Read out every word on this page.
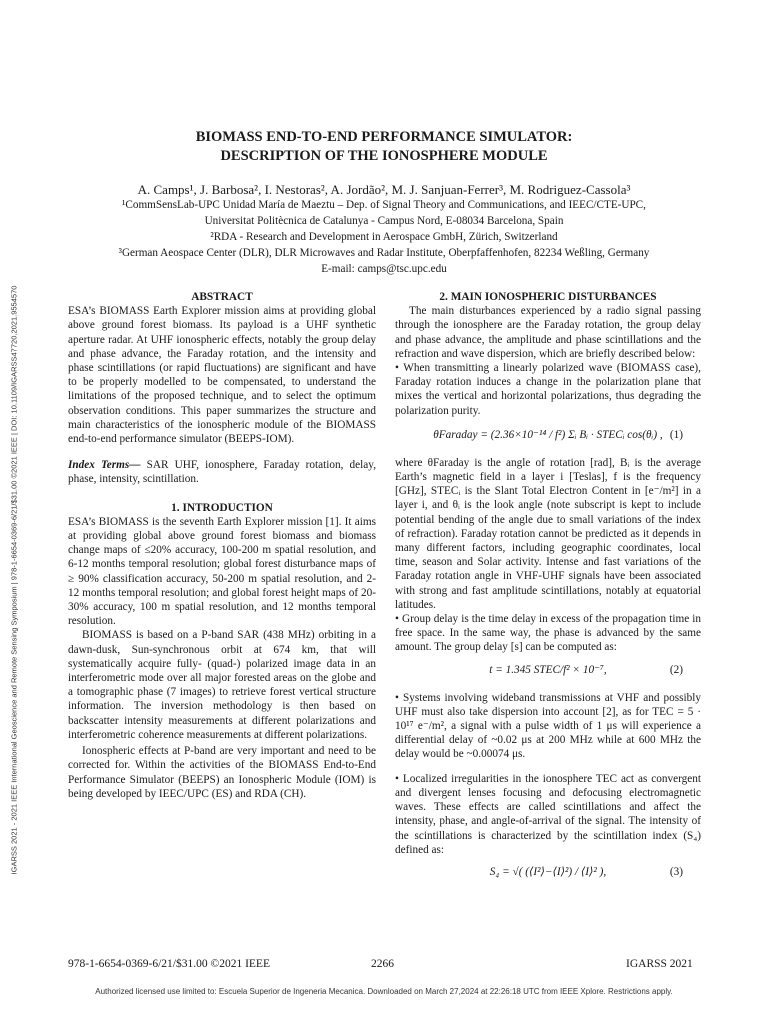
IGARSS 2021 - 2021 IEEE International Geoscience and Remote Sensing Symposium | 978-1-6654-0369-6/21/$31.00 ©2021 IEEE | DOI: 10.1109/IGARSS47720.2021.9554570
BIOMASS END-TO-END PERFORMANCE SIMULATOR:
DESCRIPTION OF THE IONOSPHERE MODULE
A. Camps¹, J. Barbosa², I. Nestoras², A. Jordão², M. J. Sanjuan-Ferrer³, M. Rodriguez-Cassola³
¹CommSensLab-UPC Unidad María de Maeztu – Dep. of Signal Theory and Communications, and IEEC/CTE-UPC,
Universitat Politècnica de Catalunya - Campus Nord, E-08034 Barcelona, Spain
²RDA - Research and Development in Aerospace GmbH, Zürich, Switzerland
³German Aeospace Center (DLR), DLR Microwaves and Radar Institute, Oberpfaffenhofen, 82234 Weßling, Germany
E-mail: camps@tsc.upc.edu

ABSTRACT

ESA’s BIOMASS Earth Explorer mission aims at providing global above ground forest biomass. Its payload is a UHF synthetic aperture radar. At UHF ionospheric effects, notably the group delay and phase advance, the Faraday rotation, and the intensity and phase scintillations (or rapid fluctuations) are significant and have to be properly modelled to be compensated, to understand the limitations of the proposed technique, and to select the optimum observation conditions. This paper summarizes the structure and main characteristics of the ionospheric module of the BIOMASS end-to-end performance simulator (BEEPS-IOM).

Index Terms— SAR UHF, ionosphere, Faraday rotation, delay, phase, intensity, scintillation.

1. INTRODUCTION

ESA’s BIOMASS is the seventh Earth Explorer mission [1]. It aims at providing global above ground forest biomass and biomass change maps of ≤20% accuracy, 100-200 m spatial resolution, and 6-12 months temporal resolution; global forest disturbance maps of ≥ 90% classification accuracy, 50-200 m spatial resolution, and 2-12 months temporal resolution; and global forest height maps of 20-30% accuracy, 100 m spatial resolution, and 12 months temporal resolution.

BIOMASS is based on a P-band SAR (438 MHz) orbiting in a dawn-dusk, Sun-synchronous orbit at 674 km, that will systematically acquire fully- (quad-) polarized image data in an interferometric mode over all major forested areas on the globe and a tomographic phase (7 images) to retrieve forest vertical structure information. The inversion methodology is then based on backscatter intensity measurements at different polarizations and interferometric coherence measurements at different polarizations.

Ionospheric effects at P-band are very important and need to be corrected for. Within the activities of the BIOMASS End-to-End Performance Simulator (BEEPS) an Ionospheric Module (IOM) is being developed by IEEC/UPC (ES) and RDA (CH).

2. MAIN IONOSPHERIC DISTURBANCES

The main disturbances experienced by a radio signal passing through the ionosphere are the Faraday rotation, the group delay and phase advance, the amplitude and phase scintillations and the refraction and wave dispersion, which are briefly described below:

• When transmitting a linearly polarized wave (BIOMASS case), Faraday rotation induces a change in the polarization plane that mixes the vertical and horizontal polarizations, thus degrading the polarization purity.

θFaraday = (2.36×10⁻¹⁴ / f²) Σᵢ Bᵢ · STECᵢ cos(θᵢ) , (1)

where θFaraday is the angle of rotation [rad], Bᵢ is the average Earth’s magnetic field in a layer i [Teslas], f is the frequency [GHz], STECᵢ is the Slant Total Electron Content in [e⁻/m²] in a layer i, and θᵢ is the look angle (note subscript is kept to include potential bending of the angle due to small variations of the index of refraction). Faraday rotation cannot be predicted as it depends in many different factors, including geographic coordinates, local time, season and Solar activity. Intense and fast variations of the Faraday rotation angle in VHF-UHF signals have been associated with strong and fast amplitude scintillations, notably at equatorial latitudes.

• Group delay is the time delay in excess of the propagation time in free space. In the same way, the phase is advanced by the same amount. The group delay [s] can be computed as:

t = 1.345 STEC/f² × 10⁻⁷,	(2)

• Systems involving wideband transmissions at VHF and possibly UHF must also take dispersion into account [2], as for TEC = 5 · 10¹⁷ e⁻/m², a signal with a pulse width of 1 μs will experience a differential delay of ~0.02 μs at 200 MHz while at 600 MHz the delay would be ~0.00074 μs.

• Localized irregularities in the ionosphere TEC act as convergent and divergent lenses focusing and defocusing electromagnetic waves. These effects are called scintillations and affect the intensity, phase, and angle-of-arrival of the signal. The intensity of the scintillations is characterized by the scintillation index (S₄) defined as:

S₄ = √( (⟨I²⟩−⟨I⟩²) / ⟨I⟩² ),	(3)
978-1-6654-0369-6/21/$31.00 ©2021 IEEE	2266	IGARSS 2021
Authorized licensed use limited to: Escuela Superior de Ingeneria Mecanica. Downloaded on March 27,2024 at 22:26:18 UTC from IEEE Xplore. Restrictions apply.
